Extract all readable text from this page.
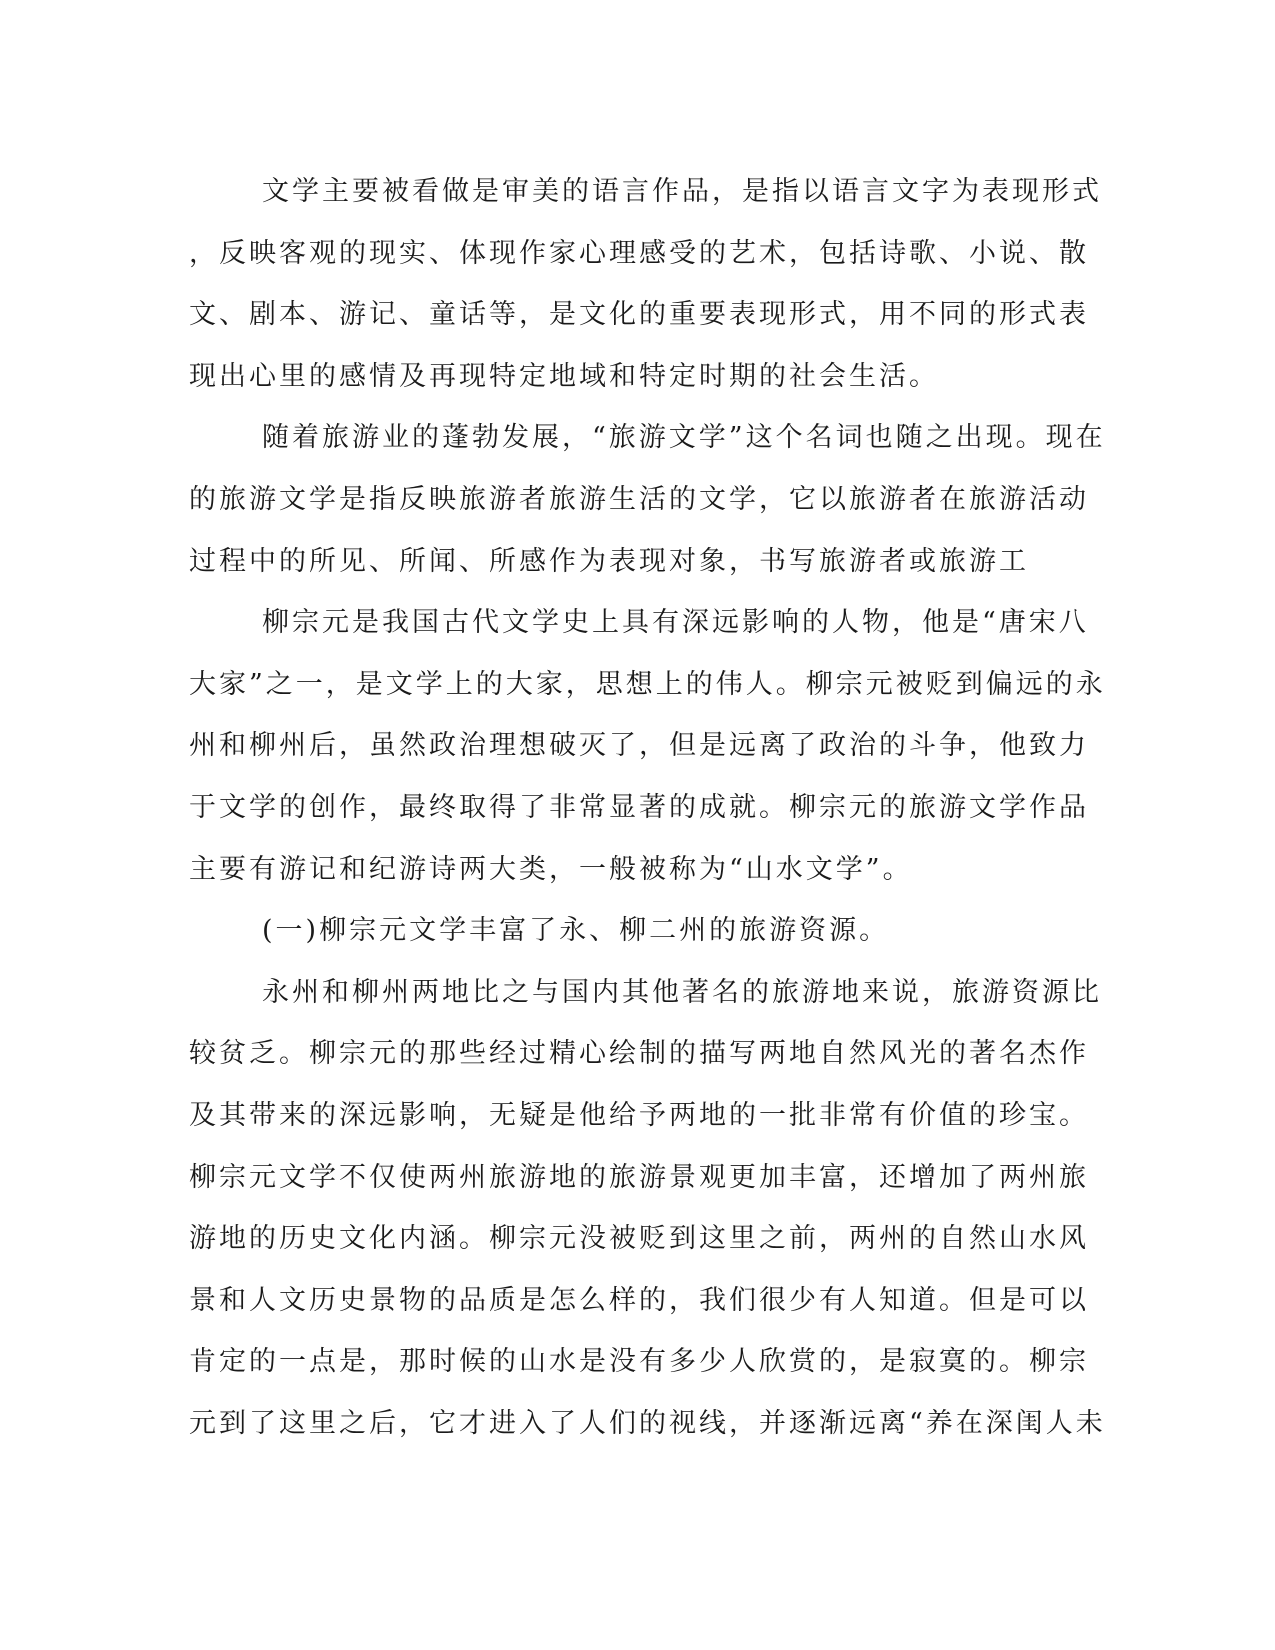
文学主要被看做是审美的语言作品，是指以语言文字为表现形式
，反映客观的现实、体现作家心理感受的艺术，包括诗歌、小说、散
文、剧本、游记、童话等，是文化的重要表现形式，用不同的形式表
现出心里的感情及再现特定地域和特定时期的社会生活。

随着旅游业的蓬勃发展，“旅游文学”这个名词也随之出现。现在
的旅游文学是指反映旅游者旅游生活的文学，它以旅游者在旅游活动
过程中的所见、所闻、所感作为表现对象，书写旅游者或旅游工

柳宗元是我国古代文学史上具有深远影响的人物，他是“唐宋八
大家”之一，是文学上的大家，思想上的伟人。柳宗元被贬到偏远的永
州和柳州后，虽然政治理想破灭了，但是远离了政治的斗争，他致力
于文学的创作，最终取得了非常显著的成就。柳宗元的旅游文学作品
主要有游记和纪游诗两大类，一般被称为“山水文学”。

(一)柳宗元文学丰富了永、柳二州的旅游资源。

永州和柳州两地比之与国内其他著名的旅游地来说，旅游资源比
较贫乏。柳宗元的那些经过精心绘制的描写两地自然风光的著名杰作
及其带来的深远影响，无疑是他给予两地的一批非常有价值的珍宝。
柳宗元文学不仅使两州旅游地的旅游景观更加丰富，还增加了两州旅
游地的历史文化内涵。柳宗元没被贬到这里之前，两州的自然山水风
景和人文历史景物的品质是怎么样的，我们很少有人知道。但是可以
肯定的一点是，那时候的山水是没有多少人欣赏的，是寂寞的。柳宗
元到了这里之后，它才进入了人们的视线，并逐渐远离“养在深闺人未
